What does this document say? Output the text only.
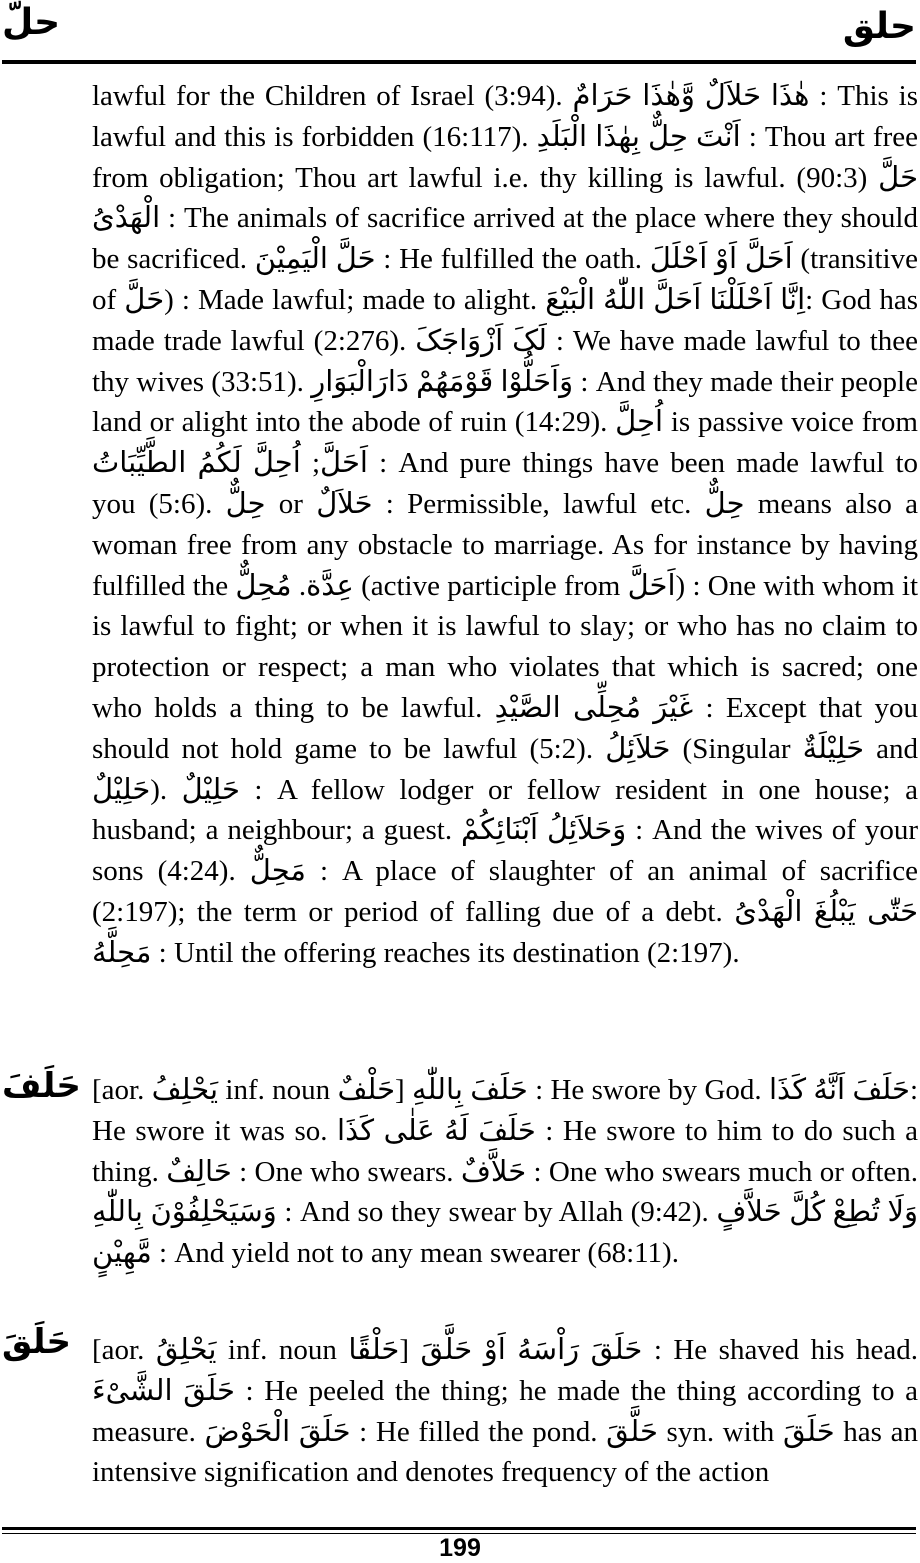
حلّ	حلق

lawful for the Children of Israel (3:94). هٰذَا حَلاَلٌ وَّهٰذَا حَرَامٌ : This is lawful and this is forbidden (16:117). اَنْتَ حِلٌّ بِهٰذَا الْبَلَدِ : Thou art free from obligation; Thou art lawful i.e. thy killing is lawful. (90:3) حَلَّ الْهَدْیُ : The animals of sacrifice arrived at the place where they should be sacrificed. حَلَّ الْیَمِیْنَ : He fulfilled the oath. اَحَلَّ اَوْ اَحْلَلَ (transitive of حَلَّ) : Made lawful; made to alight. اِنَّا اَحْلَلْنَا اَحَلَّ اللّٰهُ الْبَیْعَ: God has made trade lawful (2:276). لَکَ اَزْوَاجَکَ : We have made lawful to thee thy wives (33:51). وَاَحَلُّوْا قَوْمَهُمْ دَارَالْبَوَارِ : And they made their people land or alight into the abode of ruin (14:29). اُحِلَّ is passive voice from اَحَلَّ; اُحِلَّ لَکُمُ الطَّیِّبَاتُ : And pure things have been made lawful to you (5:6). حِلٌّ or حَلاَلٌ : Permissible, lawful etc. حِلٌّ means also a woman free from any obstacle to marriage. As for instance by having fulfilled the عِدَّة. مُحِلٌّ (active participle from اَحَلَّ) : One with whom it is lawful to fight; or when it is lawful to slay; or who has no claim to protection or respect; a man who violates that which is sacred; one who holds a thing to be lawful. غَیْرَ مُحِلِّی الصَّیْدِ : Except that you should not hold game to be lawful (5:2). حَلاَئِلُ (Singular حَلِیْلَةٌ and حَلِیْلٌ). حَلِیْلٌ : A fellow lodger or fellow resident in one house; a husband; a neighbour; a guest. وَحَلاَئِلُ اَبْنَائِکُمْ : And the wives of your sons (4:24). مَحِلٌّ : A place of slaughter of an animal of sacrifice (2:197); the term or period of falling due of a debt. حَتّٰی یَبْلُغَ الْهَدْیُ مَحِلَّهُ : Until the offering reaches its destination (2:197).

حَلَفَ [aor. یَحْلِفُ inf. noun حَلْفٌ] حَلَفَ بِاللّٰهِ : He swore by God. حَلَفَ اَنَّهُ کَذَا: He swore it was so. حَلَفَ لَهُ عَلٰی کَذَا : He swore to him to do such a thing. حَالِفٌ : One who swears. حَلاَّفٌ : One who swears much or often. وَسَیَحْلِفُوْنَ بِاللّٰهِ : And so they swear by Allah (9:42). وَلَا تُطِعْ کُلَّ حَلاَّفٍ مَّهِیْنٍ : And yield not to any mean swearer (68:11).

حَلَقَ [aor. یَحْلِقُ inf. noun حَلْقًا] حَلَقَ رَاْسَهُ اَوْ حَلَّقَ : He shaved his head. حَلَقَ الشَّیْءَ : He peeled the thing; he made the thing according to a measure. حَلَقَ الْحَوْضَ : He filled the pond. حَلَّقَ syn. with حَلَقَ has an intensive signification and denotes frequency of the action

199
